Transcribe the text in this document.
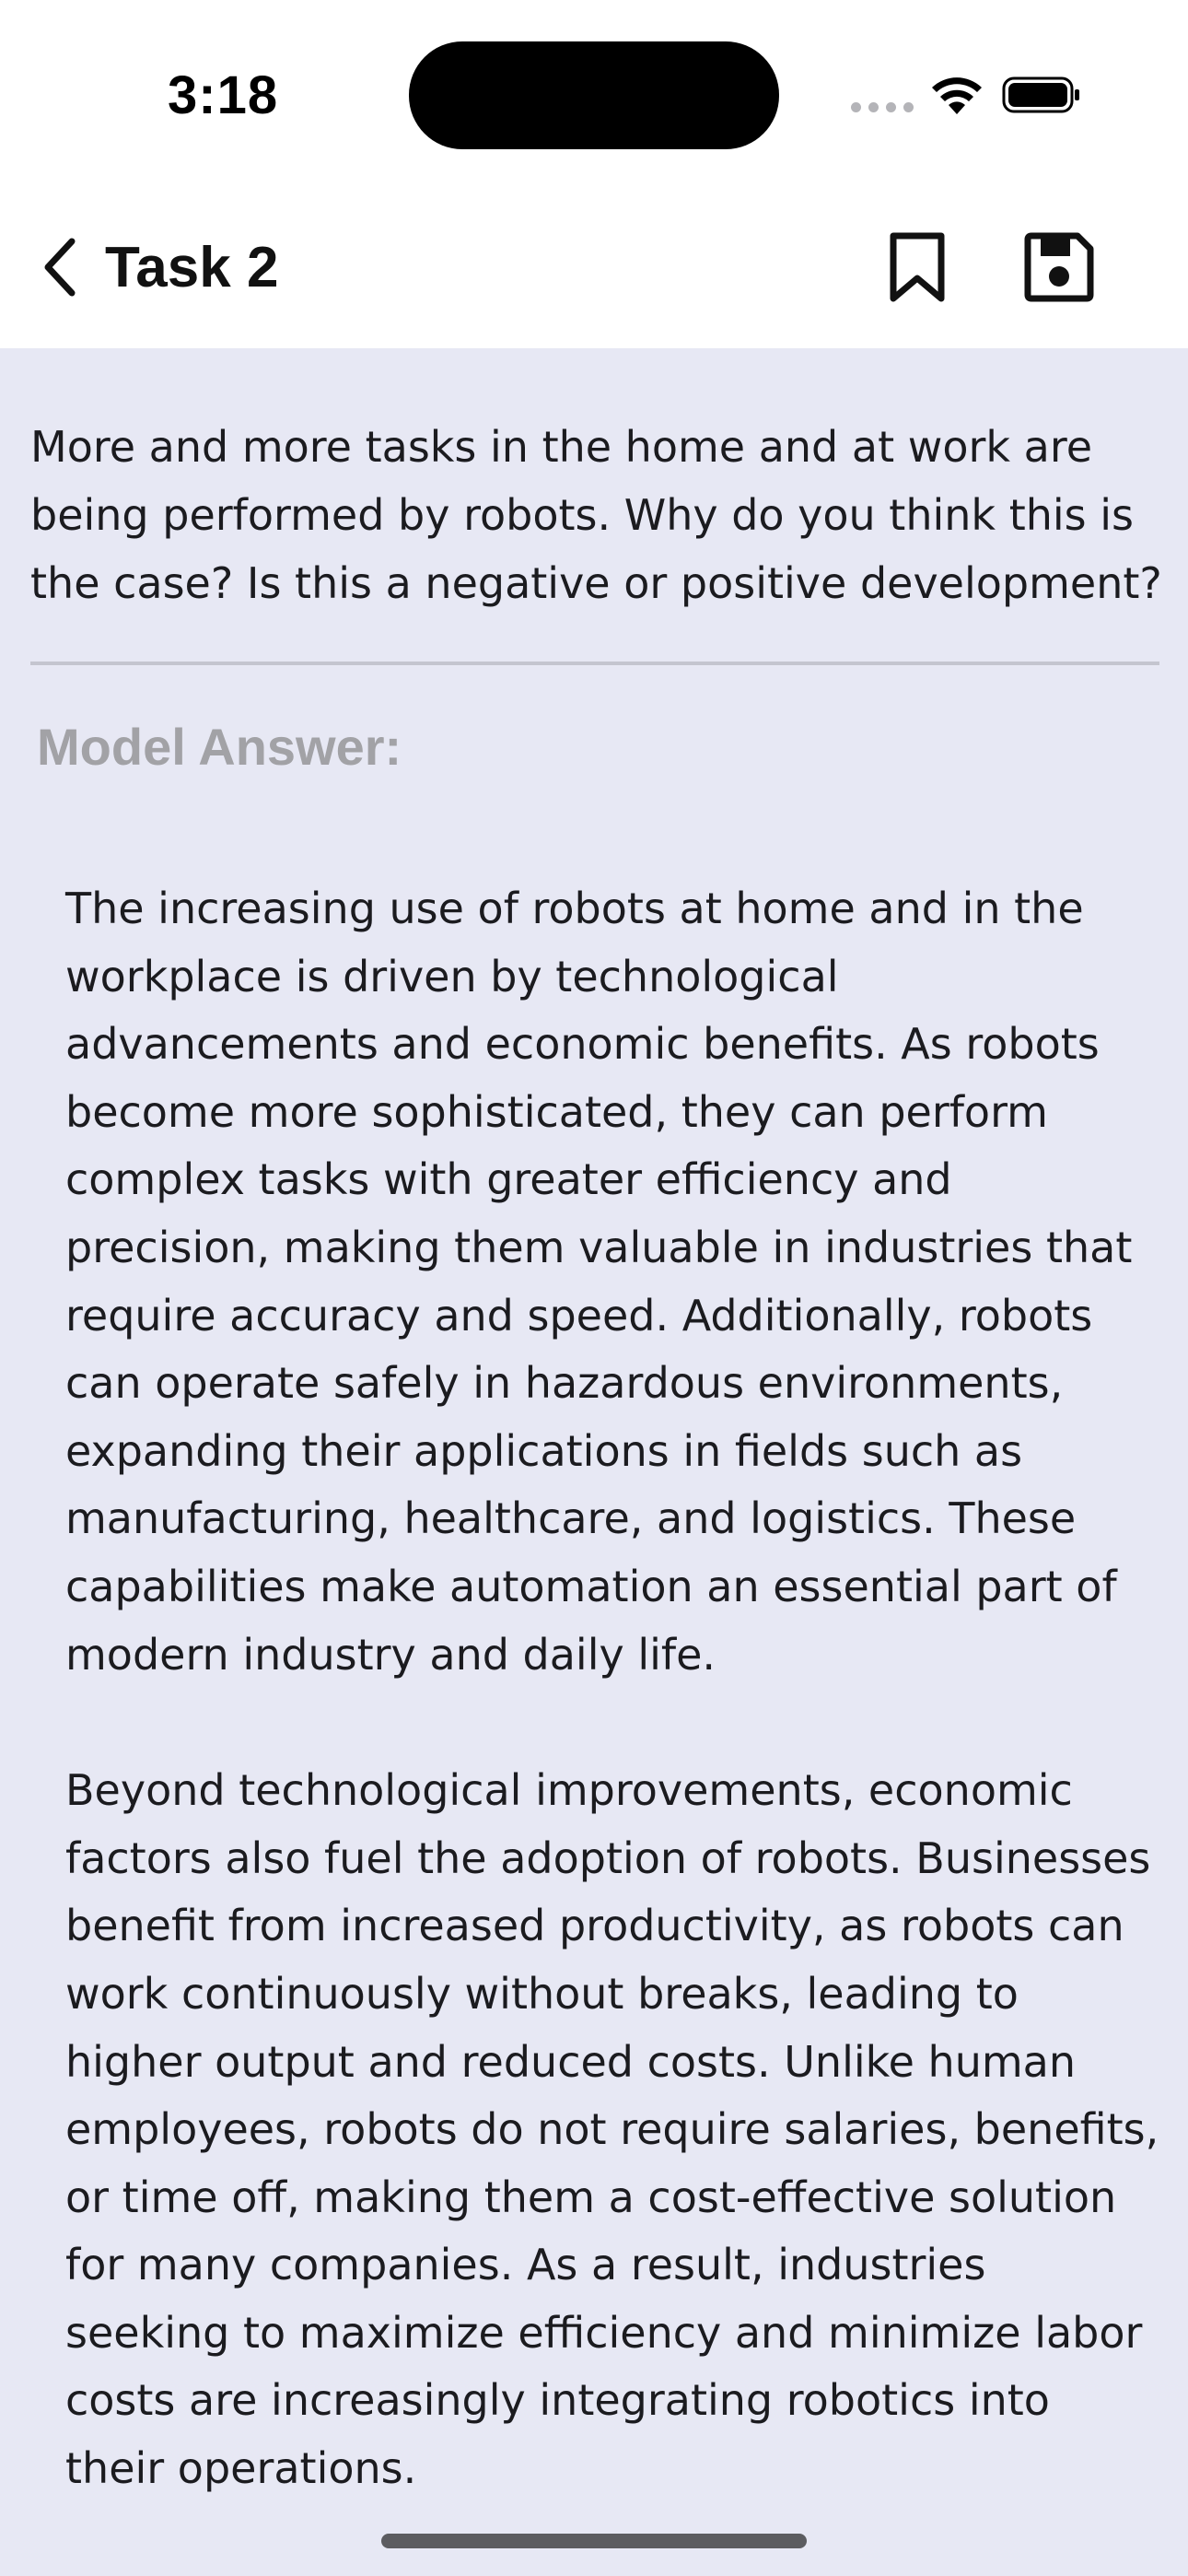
3:18
Task 2

More and more tasks in the home and at work are being performed by robots. Why do you think this is the case? Is this a negative or positive development?

Model Answer:

The increasing use of robots at home and in the workplace is driven by technological advancements and economic benefits. As robots become more sophisticated, they can perform complex tasks with greater efficiency and precision, making them valuable in industries that require accuracy and speed. Additionally, robots can operate safely in hazardous environments, expanding their applications in fields such as manufacturing, healthcare, and logistics. These capabilities make automation an essential part of modern industry and daily life.

Beyond technological improvements, economic factors also fuel the adoption of robots. Businesses benefit from increased productivity, as robots can work continuously without breaks, leading to higher output and reduced costs. Unlike human employees, robots do not require salaries, benefits, or time off, making them a cost-effective solution for many companies. As a result, industries seeking to maximize efficiency and minimize labor costs are increasingly integrating robotics into their operations.
